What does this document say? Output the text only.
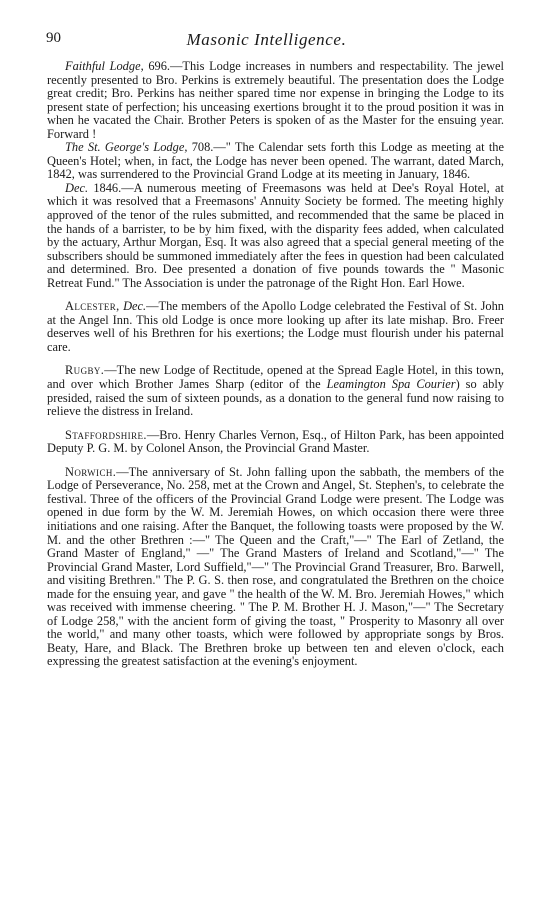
90	Masonic Intelligence.

Faithful Lodge, 696.—This Lodge increases in numbers and respectability. The jewel recently presented to Bro. Perkins is extremely beautiful. The presentation does the Lodge great credit; Bro. Perkins has neither spared time nor expense in bringing the Lodge to its present state of perfection; his unceasing exertions brought it to the proud position it was in when he vacated the Chair. Brother Peters is spoken of as the Master for the ensuing year. Forward !

The St. George's Lodge, 708.—" The Calendar sets forth this Lodge as meeting at the Queen's Hotel; when, in fact, the Lodge has never been opened. The warrant, dated March, 1842, was surrendered to the Provincial Grand Lodge at its meeting in January, 1846.

Dec. 1846.—A numerous meeting of Freemasons was held at Dee's Royal Hotel, at which it was resolved that a Freemasons' Annuity Society be formed. The meeting highly approved of the tenor of the rules submitted, and recommended that the same be placed in the hands of a barrister, to be by him fixed, with the disparity fees added, when calculated by the actuary, Arthur Morgan, Esq. It was also agreed that a special general meeting of the subscribers should be summoned immediately after the fees in question had been calculated and determined. Bro. Dee presented a donation of five pounds towards the " Masonic Retreat Fund." The Association is under the patronage of the Right Hon. Earl Howe.

Alcester, Dec.—The members of the Apollo Lodge celebrated the Festival of St. John at the Angel Inn. This old Lodge is once more looking up after its late mishap. Bro. Freer deserves well of his Brethren for his exertions; the Lodge must flourish under his paternal care.

Rugby.—The new Lodge of Rectitude, opened at the Spread Eagle Hotel, in this town, and over which Brother James Sharp (editor of the Leamington Spa Courier) so ably presided, raised the sum of sixteen pounds, as a donation to the general fund now raising to relieve the distress in Ireland.

Staffordshire.—Bro. Henry Charles Vernon, Esq., of Hilton Park, has been appointed Deputy P. G. M. by Colonel Anson, the Provincial Grand Master.

Norwich.—The anniversary of St. John falling upon the sabbath, the members of the Lodge of Perseverance, No. 258, met at the Crown and Angel, St. Stephen's, to celebrate the festival. Three of the officers of the Provincial Grand Lodge were present. The Lodge was opened in due form by the W. M. Jeremiah Howes, on which occasion there were three initiations and one raising. After the Banquet, the following toasts were proposed by the W. M. and the other Brethren :—" The Queen and the Craft,"—" The Earl of Zetland, the Grand Master of England," —" The Grand Masters of Ireland and Scotland,"—" The Provincial Grand Master, Lord Suffield,"—" The Provincial Grand Treasurer, Bro. Barwell, and visiting Brethren." The P. G. S. then rose, and congratulated the Brethren on the choice made for the ensuing year, and gave " the health of the W. M. Bro. Jeremiah Howes," which was received with immense cheering. " The P. M. Brother H. J. Mason,"—" The Secretary of Lodge 258," with the ancient form of giving the toast, " Prosperity to Masonry all over the world," and many other toasts, which were followed by appropriate songs by Bros. Beaty, Hare, and Black. The Brethren broke up between ten and eleven o'clock, each expressing the greatest satisfaction at the evening's enjoyment.
